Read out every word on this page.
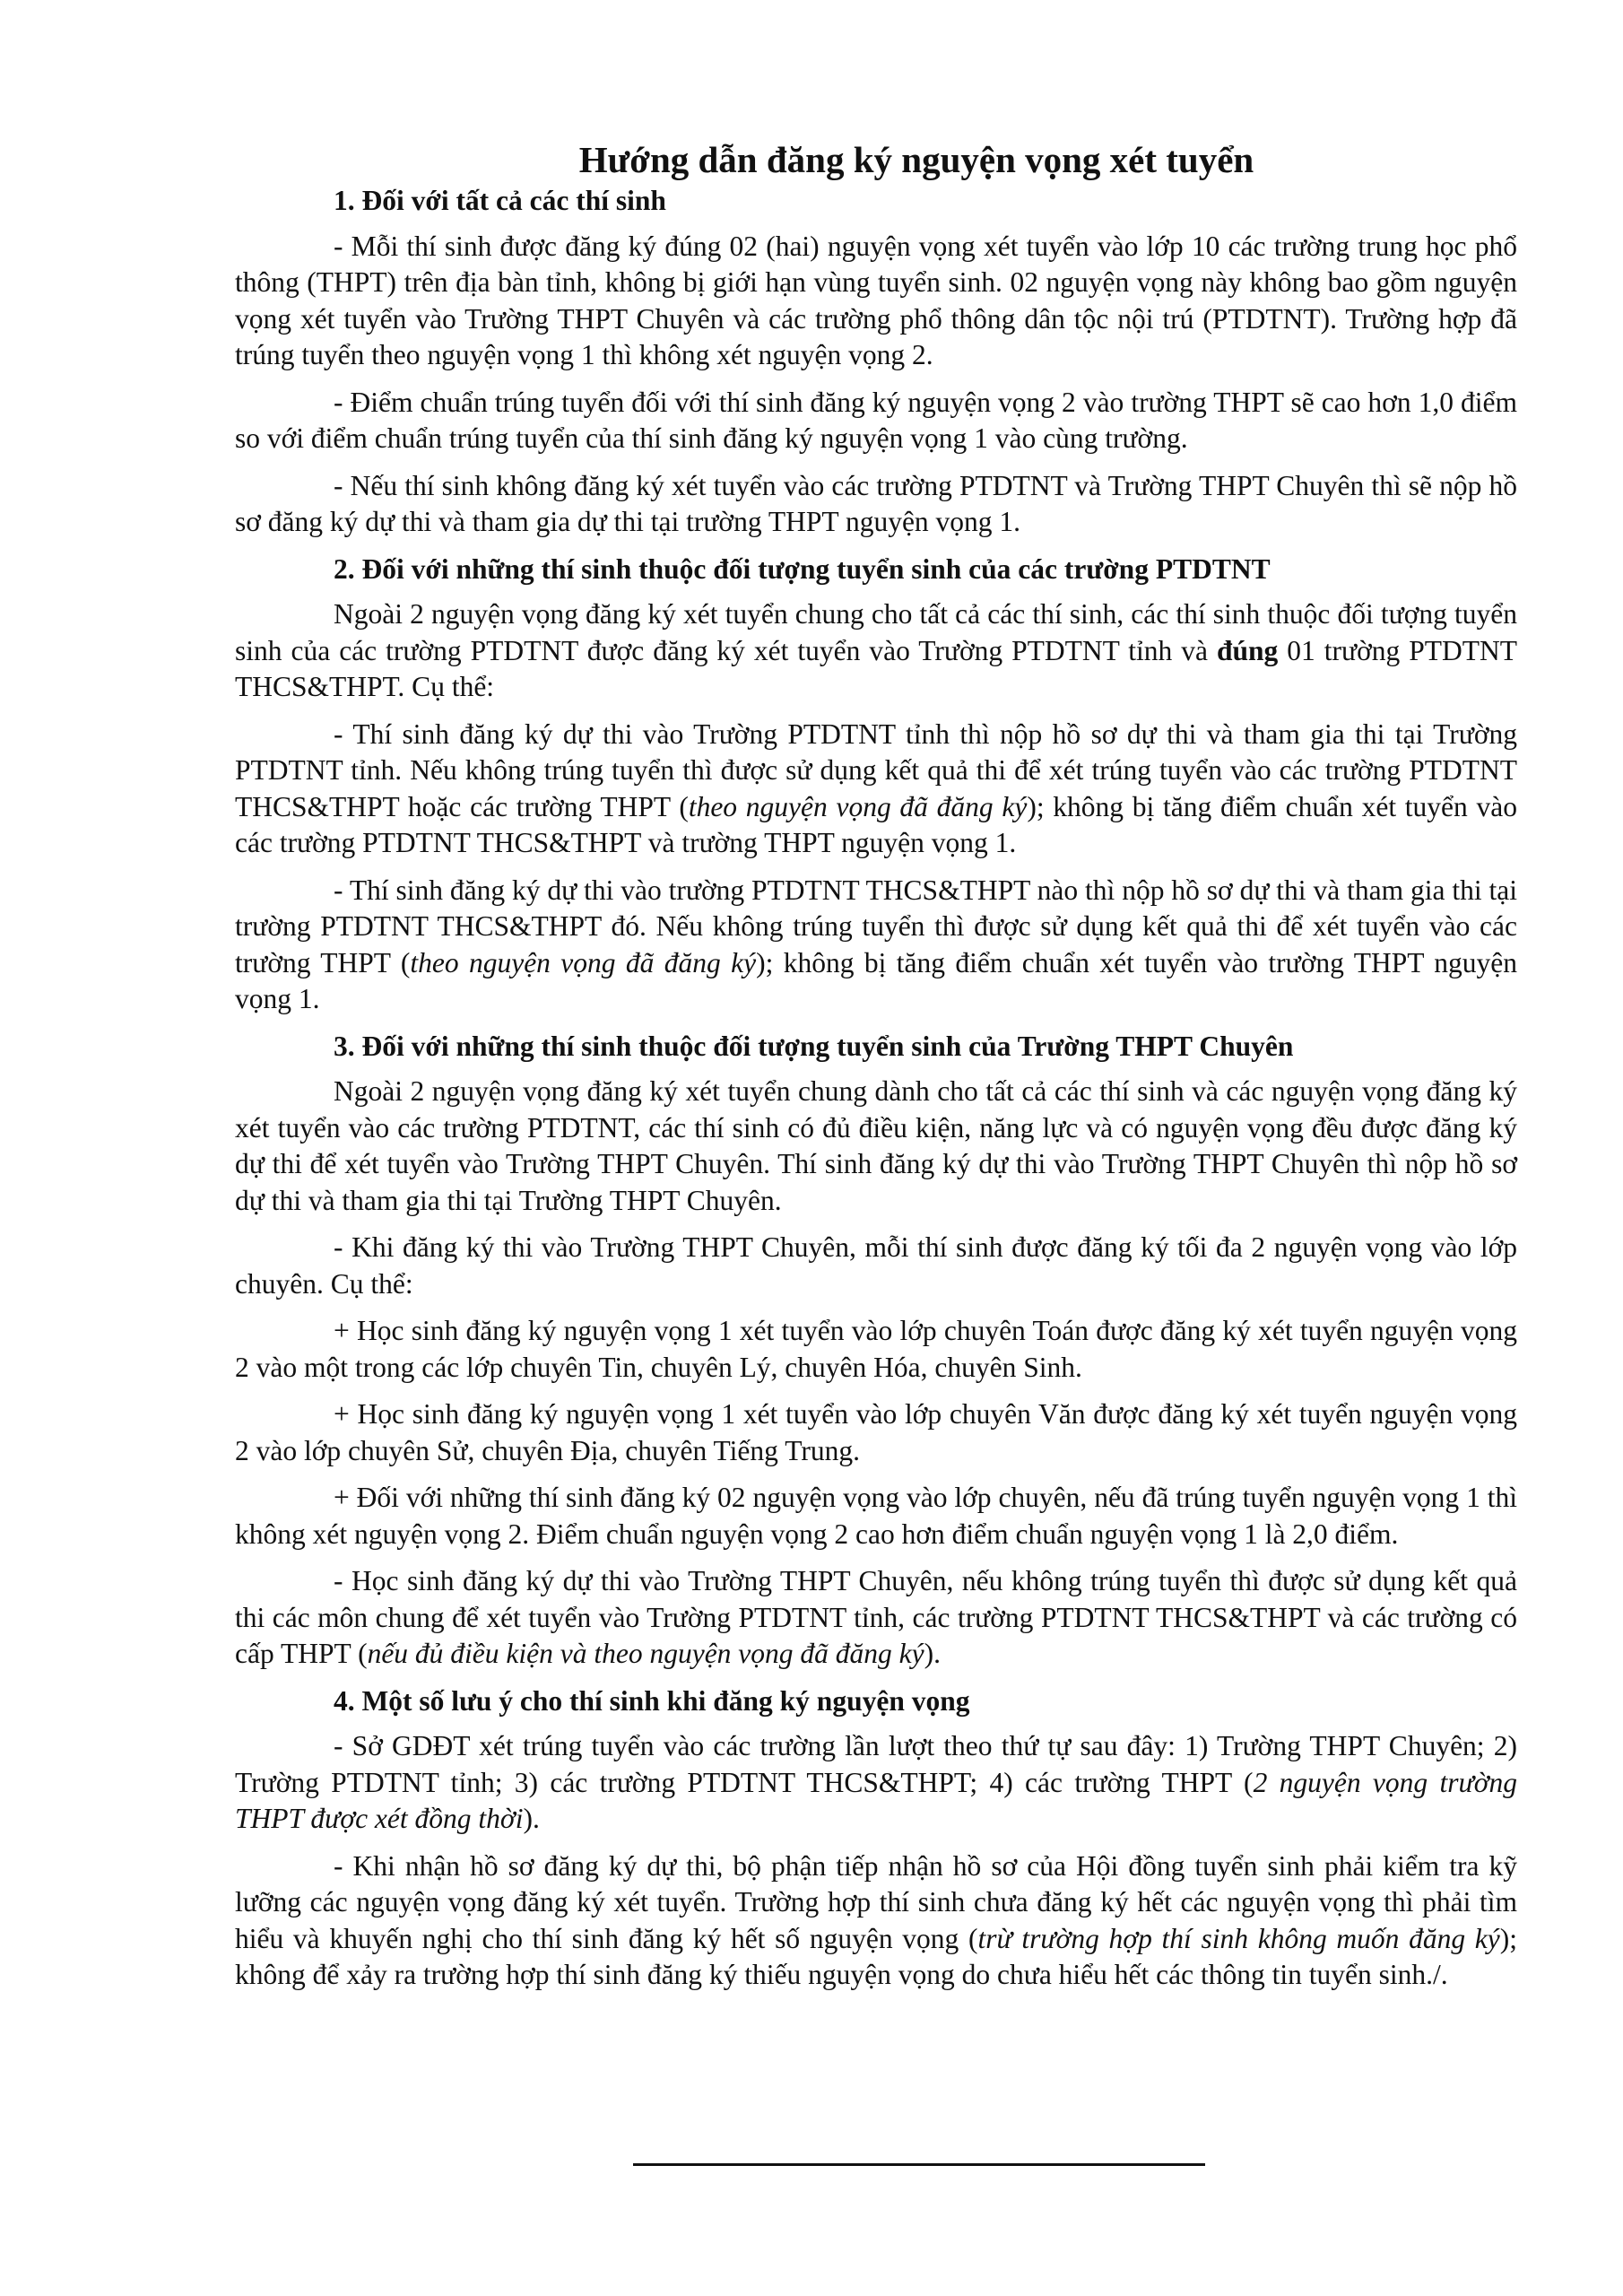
Hướng dẫn đăng ký nguyện vọng xét tuyển
1. Đối với tất cả các thí sinh

- Mỗi thí sinh được đăng ký đúng 02 (hai) nguyện vọng xét tuyển vào lớp 10 các trường trung học phổ thông (THPT) trên địa bàn tỉnh, không bị giới hạn vùng tuyển sinh. 02 nguyện vọng này không bao gồm nguyện vọng xét tuyển vào Trường THPT Chuyên và các trường phổ thông dân tộc nội trú (PTDTNT). Trường hợp đã trúng tuyển theo nguyện vọng 1 thì không xét nguyện vọng 2.

- Điểm chuẩn trúng tuyển đối với thí sinh đăng ký nguyện vọng 2 vào trường THPT sẽ cao hơn 1,0 điểm so với điểm chuẩn trúng tuyển của thí sinh đăng ký nguyện vọng 1 vào cùng trường.

- Nếu thí sinh không đăng ký xét tuyển vào các trường PTDTNT và Trường THPT Chuyên thì sẽ nộp hồ sơ đăng ký dự thi và tham gia dự thi tại trường THPT nguyện vọng 1.

2. Đối với những thí sinh thuộc đối tượng tuyển sinh của các trường PTDTNT

Ngoài 2 nguyện vọng đăng ký xét tuyển chung cho tất cả các thí sinh, các thí sinh thuộc đối tượng tuyển sinh của các trường PTDTNT được đăng ký xét tuyển vào Trường PTDTNT tỉnh và đúng 01 trường PTDTNT THCS&THPT. Cụ thể:

- Thí sinh đăng ký dự thi vào Trường PTDTNT tỉnh thì nộp hồ sơ dự thi và tham gia thi tại Trường PTDTNT tỉnh. Nếu không trúng tuyển thì được sử dụng kết quả thi để xét trúng tuyển vào các trường PTDTNT THCS&THPT hoặc các trường THPT (theo nguyện vọng đã đăng ký); không bị tăng điểm chuẩn xét tuyển vào các trường PTDTNT THCS&THPT và trường THPT nguyện vọng 1.

- Thí sinh đăng ký dự thi vào trường PTDTNT THCS&THPT nào thì nộp hồ sơ dự thi và tham gia thi tại trường PTDTNT THCS&THPT đó. Nếu không trúng tuyển thì được sử dụng kết quả thi để xét tuyển vào các trường THPT (theo nguyện vọng đã đăng ký); không bị tăng điểm chuẩn xét tuyển vào trường THPT nguyện vọng 1.

3. Đối với những thí sinh thuộc đối tượng tuyển sinh của Trường THPT Chuyên

Ngoài 2 nguyện vọng đăng ký xét tuyển chung dành cho tất cả các thí sinh và các nguyện vọng đăng ký xét tuyển vào các trường PTDTNT, các thí sinh có đủ điều kiện, năng lực và có nguyện vọng đều được đăng ký dự thi để xét tuyển vào Trường THPT Chuyên. Thí sinh đăng ký dự thi vào Trường THPT Chuyên thì nộp hồ sơ dự thi và tham gia thi tại Trường THPT Chuyên.

- Khi đăng ký thi vào Trường THPT Chuyên, mỗi thí sinh được đăng ký tối đa 2 nguyện vọng vào lớp chuyên. Cụ thể:

+ Học sinh đăng ký nguyện vọng 1 xét tuyển vào lớp chuyên Toán được đăng ký xét tuyển nguyện vọng 2 vào một trong các lớp chuyên Tin, chuyên Lý, chuyên Hóa, chuyên Sinh.

+ Học sinh đăng ký nguyện vọng 1 xét tuyển vào lớp chuyên Văn được đăng ký xét tuyển nguyện vọng 2 vào lớp chuyên Sử, chuyên Địa, chuyên Tiếng Trung.

+ Đối với những thí sinh đăng ký 02 nguyện vọng vào lớp chuyên, nếu đã trúng tuyển nguyện vọng 1 thì không xét nguyện vọng 2. Điểm chuẩn nguyện vọng 2 cao hơn điểm chuẩn nguyện vọng 1 là 2,0 điểm.

- Học sinh đăng ký dự thi vào Trường THPT Chuyên, nếu không trúng tuyển thì được sử dụng kết quả thi các môn chung để xét tuyển vào Trường PTDTNT tỉnh, các trường PTDTNT THCS&THPT và các trường có cấp THPT (nếu đủ điều kiện và theo nguyện vọng đã đăng ký).

4. Một số lưu ý cho thí sinh khi đăng ký nguyện vọng

- Sở GDĐT xét trúng tuyển vào các trường lần lượt theo thứ tự sau đây: 1) Trường THPT Chuyên; 2) Trường PTDTNT tỉnh; 3) các trường PTDTNT THCS&THPT; 4) các trường THPT (2 nguyện vọng trường THPT được xét đồng thời).

- Khi nhận hồ sơ đăng ký dự thi, bộ phận tiếp nhận hồ sơ của Hội đồng tuyển sinh phải kiểm tra kỹ lưỡng các nguyện vọng đăng ký xét tuyển. Trường hợp thí sinh chưa đăng ký hết các nguyện vọng thì phải tìm hiểu và khuyến nghị cho thí sinh đăng ký hết số nguyện vọng (trừ trường hợp thí sinh không muốn đăng ký); không để xảy ra trường hợp thí sinh đăng ký thiếu nguyện vọng do chưa hiểu hết các thông tin tuyển sinh./.
